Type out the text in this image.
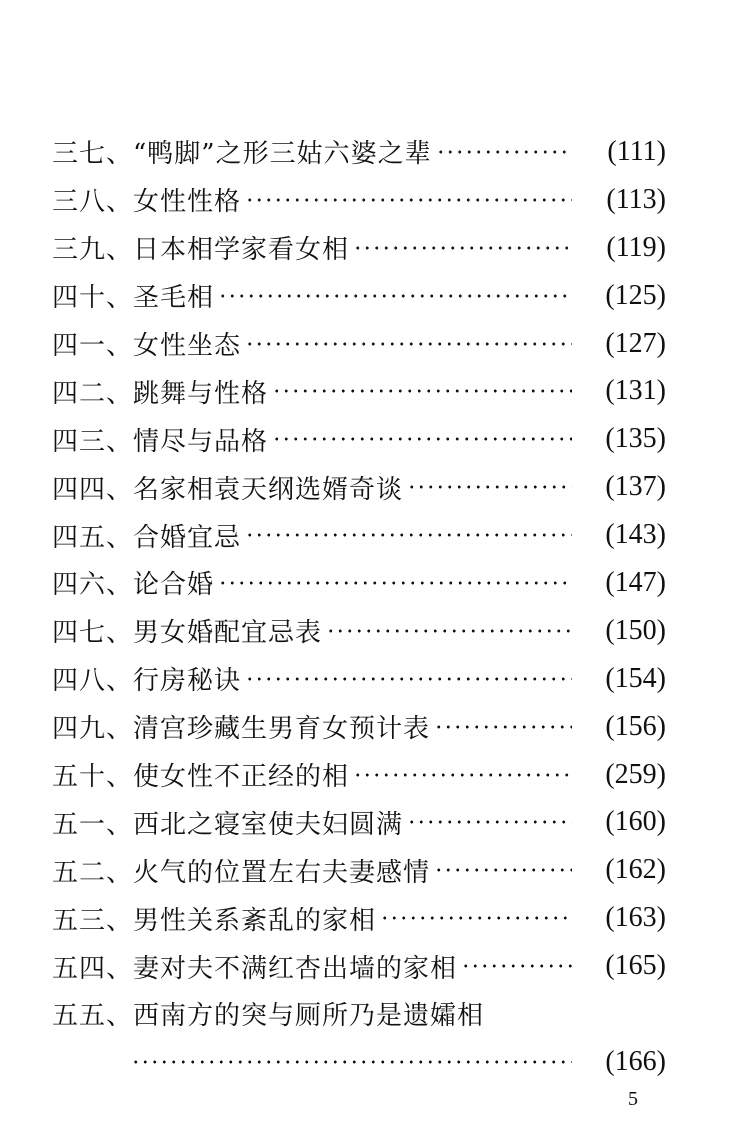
三七、“鸭脚”之形三姑六婆之辈	(111)
三八、女性性格	(113)
三九、日本相学家看女相	(119)
四十、圣毛相	(125)
四一、女性坐态	(127)
四二、跳舞与性格	(131)
四三、情尽与品格	(135)
四四、名家相袁天纲选婿奇谈	(137)
四五、合婚宜忌	(143)
四六、论合婚	(147)
四七、男女婚配宜忌表	(150)
四八、行房秘诀	(154)
四九、清宫珍藏生男育女预计表	(156)
五十、使女性不正经的相	(259)
五一、西北之寝室使夫妇圆满	(160)
五二、火气的位置左右夫妻感情	(162)
五三、男性关系紊乱的家相	(163)
五四、妻对夫不满红杏出墙的家相	(165)
五五、西南方的突与厕所乃是遗孀相
(166)
5
